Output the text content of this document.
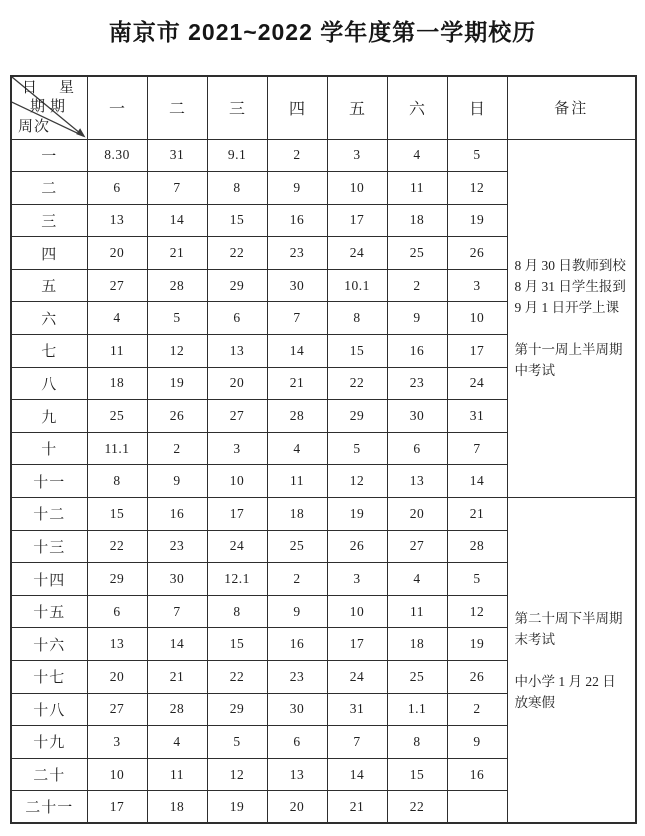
南京市 2021~2022 学年度第一学期校历
日
期
星
期
周次	一	二	三	四	五	六	日	备注
一	8.30	31	9.1	2	3	4	5	8 月 30 日教师到校
8 月 31 日学生报到
9 月 1 日开学上课
第十一周上半周期
中考试

二	6	7	8	9	10	11	12	
三	13	14	15	16	17	18	19	
四	20	21	22	23	24	25	26	
五	27	28	29	30	10.1	2	3	
六	4	5	6	7	8	9	10	
七	11	12	13	14	15	16	17	
八	18	19	20	21	22	23	24	
九	25	26	27	28	29	30	31	
十	11.1	2	3	4	5	6	7	
十一	8	9	10	11	12	13	14	
十二	15	16	17	18	19	20	21	第二十周下半周期
末考试
中小学 1 月 22 日
放寒假

十三	22	23	24	25	26	27	28	
十四	29	30	12.1	2	3	4	5	
十五	6	7	8	9	10	11	12	
十六	13	14	15	16	17	18	19	
十七	20	21	22	23	24	25	26	
十八	27	28	29	30	31	1.1	2	
十九	3	4	5	6	7	8	9	
二十	10	11	12	13	14	15	16	
二十一	17	18	19	20	21	22		
